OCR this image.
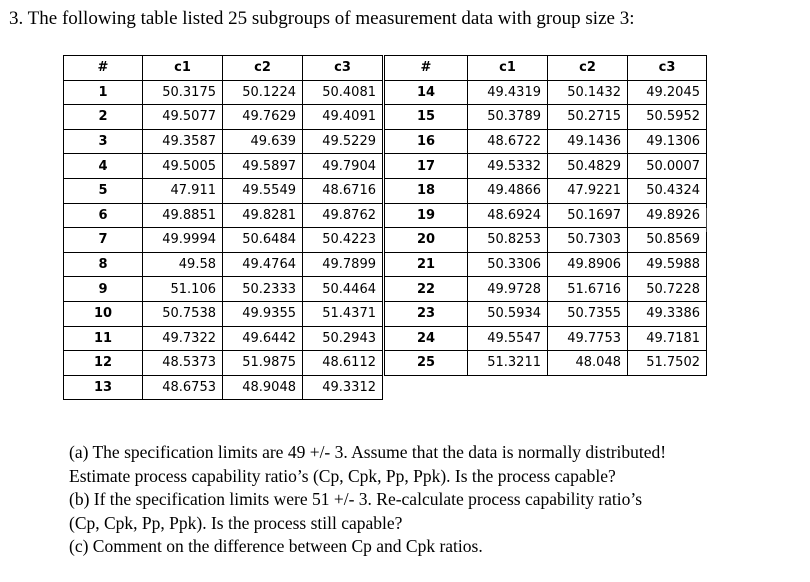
3. The following table listed 25 subgroups of measurement data with group size 3:
#	c1	c2	c3
1	50.3175	50.1224	50.4081
2	49.5077	49.7629	49.4091
3	49.3587	49.639	49.5229
4	49.5005	49.5897	49.7904
5	47.911	49.5549	48.6716
6	49.8851	49.8281	49.8762
7	49.9994	50.6484	50.4223
8	49.58	49.4764	49.7899
9	51.106	50.2333	50.4464
10	50.7538	49.9355	51.4371
11	49.7322	49.6442	50.2943
12	48.5373	51.9875	48.6112
13	48.6753	48.9048	49.3312
#	c1	c2	c3
14	49.4319	50.1432	49.2045
15	50.3789	50.2715	50.5952
16	48.6722	49.1436	49.1306
17	49.5332	50.4829	50.0007
18	49.4866	47.9221	50.4324
19	48.6924	50.1697	49.8926
20	50.8253	50.7303	50.8569
21	50.3306	49.8906	49.5988
22	49.9728	51.6716	50.7228
23	50.5934	50.7355	49.3386
24	49.5547	49.7753	49.7181
25	51.3211	48.048	51.7502

(a) The specification limits are 49 +/- 3. Assume that the data is normally distributed!

Estimate process capability ratio’s (Cp, Cpk, Pp, Ppk). Is the process capable?

(b) If the specification limits were 51 +/- 3. Re-calculate process capability ratio’s

(Cp, Cpk, Pp, Ppk). Is the process still capable?

(c) Comment on the difference between Cp and Cpk ratios.
